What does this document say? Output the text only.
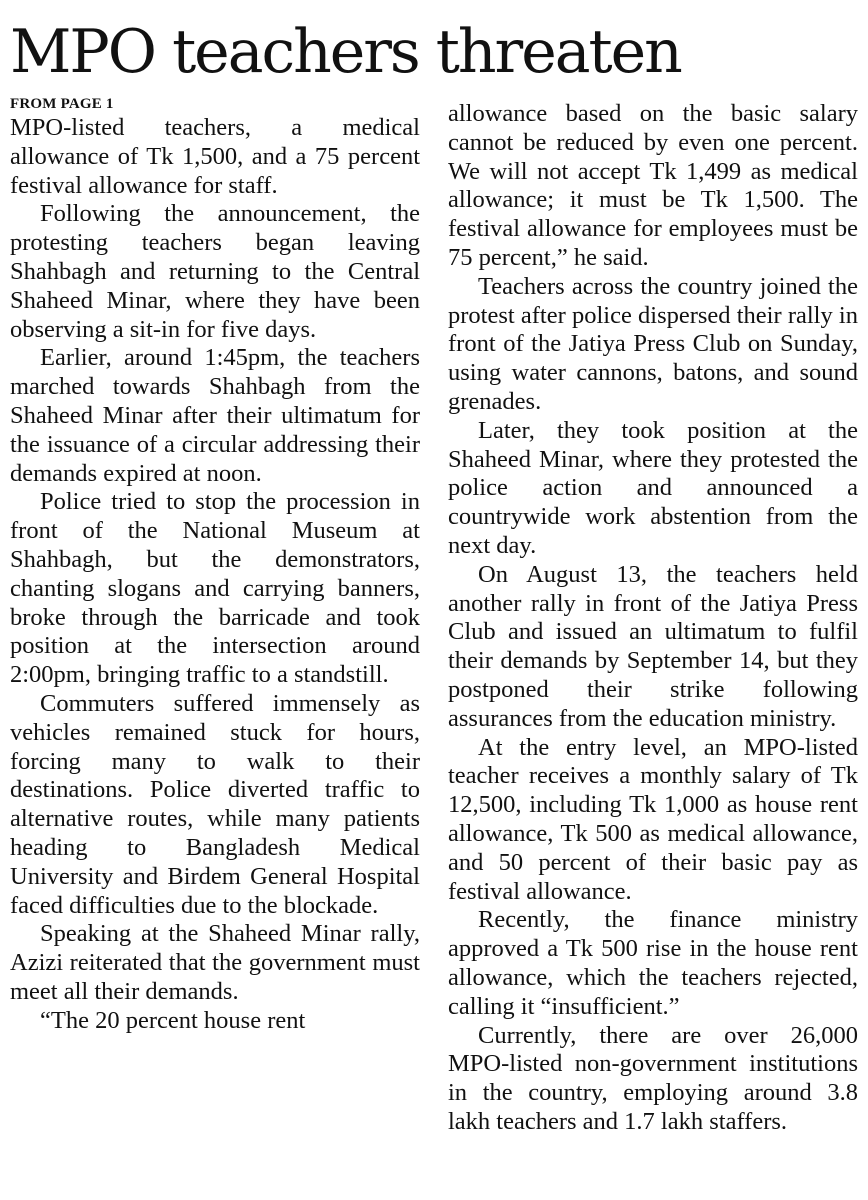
MPO teachers threaten

FROM PAGE 1

MPO-listed teachers, a medical allowance of Tk 1,500, and a 75 percent festival allowance for staff.

Following the announcement, the protesting teachers began leaving Shahbagh and returning to the Central Shaheed Minar, where they have been observing a sit-in for five days.

Earlier, around 1:45pm, the teachers marched towards Shahbagh from the Shaheed Minar after their ultimatum for the issuance of a circular addressing their demands expired at noon.

Police tried to stop the procession in front of the National Museum at Shahbagh, but the demonstrators, chanting slogans and carrying banners, broke through the barricade and took position at the intersection around 2:00pm, bringing traffic to a standstill.

Commuters suffered immensely as vehicles remained stuck for hours, forcing many to walk to their destinations. Police diverted traffic to alternative routes, while many patients heading to Bangladesh Medical University and Birdem General Hospital faced difficulties due to the blockade.

Speaking at the Shaheed Minar rally, Azizi reiterated that the government must meet all their demands.

“The 20 percent house rent

allowance based on the basic salary cannot be reduced by even one percent. We will not accept Tk 1,499 as medical allowance; it must be Tk 1,500. The festival allowance for employees must be 75 percent,” he said.

Teachers across the country joined the protest after police dispersed their rally in front of the Jatiya Press Club on Sunday, using water cannons, batons, and sound grenades.

Later, they took position at the Shaheed Minar, where they protested the police action and announced a countrywide work abstention from the next day.

On August 13, the teachers held another rally in front of the Jatiya Press Club and issued an ultimatum to fulfil their demands by September 14, but they postponed their strike following assurances from the education ministry.

At the entry level, an MPO-listed teacher receives a monthly salary of Tk 12,500, including Tk 1,000 as house rent allowance, Tk 500 as medical allowance, and 50 percent of their basic pay as festival allowance.

Recently, the finance ministry approved a Tk 500 rise in the house rent allowance, which the teachers rejected, calling it “insufficient.”

Currently, there are over 26,000 MPO-listed non-government institutions in the country, employing around 3.8 lakh teachers and 1.7 lakh staffers.
